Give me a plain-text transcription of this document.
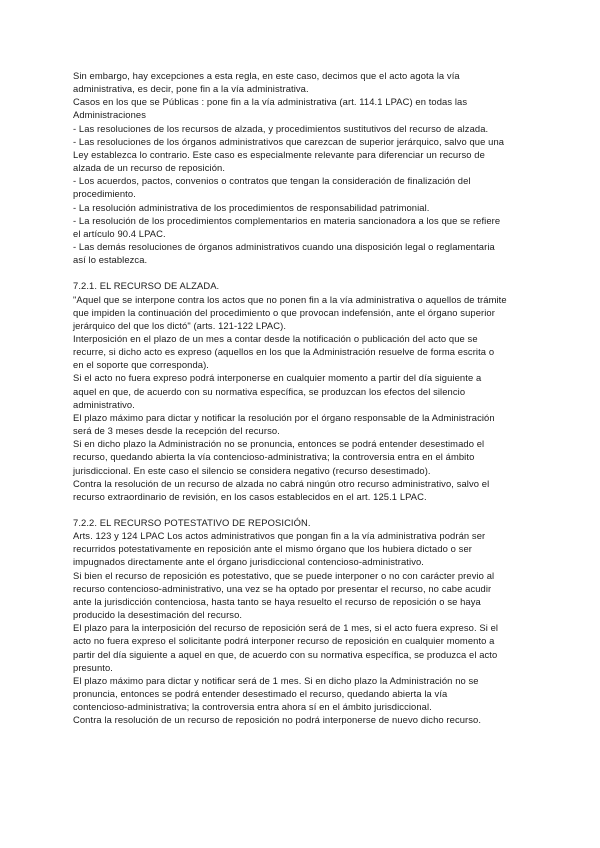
Sin embargo, hay excepciones a esta regla, en este caso, decimos que el acto agota la vía
administrativa, es decir, pone fin a la vía administrativa.
Casos en los que se Públicas : pone fin a la vía administrativa (art. 114.1 LPAC) en todas las
Administraciones
- Las resoluciones de los recursos de alzada, y procedimientos sustitutivos del recurso de alzada.
- Las resoluciones de los órganos administrativos que carezcan de superior jerárquico, salvo que una
Ley establezca lo contrario. Este caso es especialmente relevante para diferenciar un recurso de
alzada de un recurso de reposición.
- Los acuerdos, pactos, convenios o contratos que tengan la consideración de finalización del
procedimiento.
- La resolución administrativa de los procedimientos de responsabilidad patrimonial.
- La resolución de los procedimientos complementarios en materia sancionadora a los que se refiere
el artículo 90.4 LPAC.
- Las demás resoluciones de órganos administrativos cuando una disposición legal o reglamentaria
así lo establezca.
7.2.1. EL RECURSO DE ALZADA.
"Aquel que se interpone contra los actos que no ponen fin a la vía administrativa o aquellos de trámite
que impiden la continuación del procedimiento o que provocan indefensión, ante el órgano superior
jerárquico del que los dictó" (arts. 121-122 LPAC).
Interposición en el plazo de un mes a contar desde la notificación o publicación del acto que se
recurre, si dicho acto es expreso (aquellos en los que la Administración resuelve de forma escrita o
en el soporte que corresponda).
Si el acto no fuera expreso podrá interponerse en cualquier momento a partir del día siguiente a
aquel en que, de acuerdo con su normativa específica, se produzcan los efectos del silencio
administrativo.
El plazo máximo para dictar y notificar la resolución por el órgano responsable de la Administración
será de 3 meses desde la recepción del recurso.
Si en dicho plazo la Administración no se pronuncia, entonces se podrá entender desestimado el
recurso, quedando abierta la vía contencioso-administrativa; la controversia entra en el ámbito
jurisdiccional. En este caso el silencio se considera negativo (recurso desestimado).
Contra la resolución de un recurso de alzada no cabrá ningún otro recurso administrativo, salvo el
recurso extraordinario de revisión, en los casos establecidos en el art. 125.1 LPAC.
7.2.2. EL RECURSO POTESTATIVO DE REPOSICIÓN.
Arts. 123 y 124 LPAC Los actos administrativos que pongan fin a la vía administrativa podrán ser
recurridos potestativamente en reposición ante el mismo órgano que los hubiera dictado o ser
impugnados directamente ante el órgano jurisdiccional contencioso-administrativo.
Si bien el recurso de reposición es potestativo, que se puede interponer o no con carácter previo al
recurso contencioso-administrativo, una vez se ha optado por presentar el recurso, no cabe acudir
ante la jurisdicción contenciosa, hasta tanto se haya resuelto el recurso de reposición o se haya
producido la desestimación del recurso.
El plazo para la interposición del recurso de reposición será de 1 mes, si el acto fuera expreso. Si el
acto no fuera expreso el solicitante podrá interponer recurso de reposición en cualquier momento a
partir del día siguiente a aquel en que, de acuerdo con su normativa específica, se produzca el acto
presunto.
El plazo máximo para dictar y notificar será de 1 mes. Si en dicho plazo la Administración no se
pronuncia, entonces se podrá entender desestimado el recurso, quedando abierta la vía
contencioso-administrativa; la controversia entra ahora sí en el ámbito jurisdiccional.
Contra la resolución de un recurso de reposición no podrá interponerse de nuevo dicho recurso.
